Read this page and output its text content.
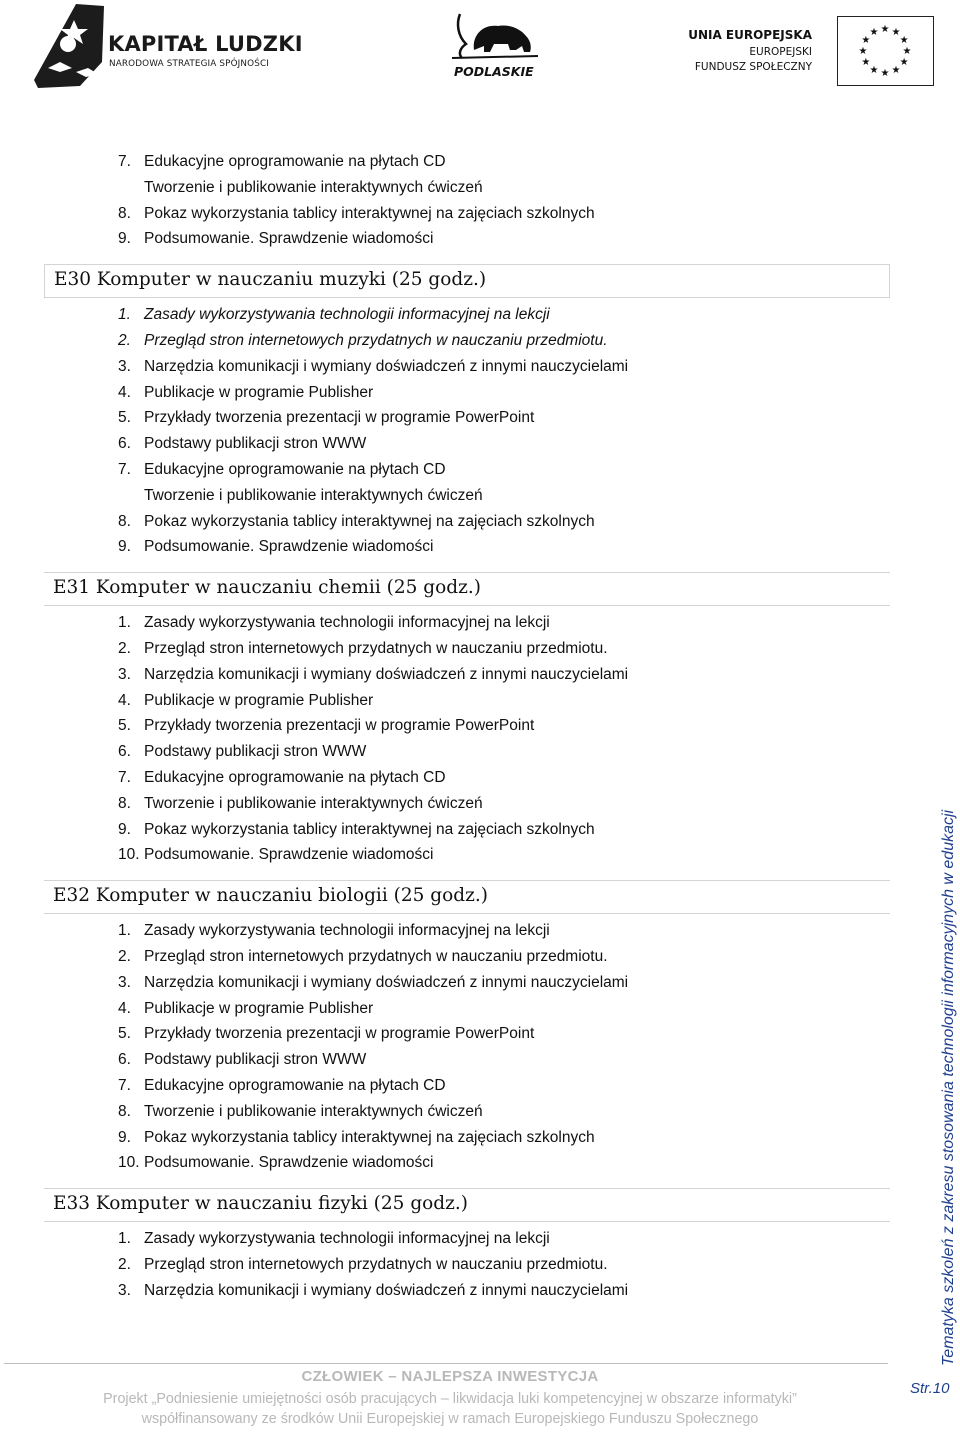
KAPITAŁ LUDZKI
NARODOWA STRATEGIA SPÓJNOŚCI	PODLASKIE
UNIA EUROPEJSKA
EUROPEJSKI
FUNDUSZ SPOŁECZNY
★ ★
★
★
★
★
★
★
★
★
★
★
7. Edukacyjne oprogramowanie na płytach CD
Tworzenie i publikowanie interaktywnych ćwiczeń
8. Pokaz wykorzystania tablicy interaktywnej na zajęciach szkolnych
9. Podsumowanie. Sprawdzenie wiadomości
E30 Komputer w nauczaniu muzyki (25 godz.)
1. Zasady wykorzystywania technologii informacyjnej na lekcji
2. Przegląd stron internetowych przydatnych w nauczaniu przedmiotu.
3. Narzędzia komunikacji i wymiany doświadczeń z innymi nauczycielami
4. Publikacje w programie Publisher
5. Przykłady tworzenia prezentacji w programie PowerPoint
6. Podstawy publikacji stron WWW
7. Edukacyjne oprogramowanie na płytach CD
Tworzenie i publikowanie interaktywnych ćwiczeń
8. Pokaz wykorzystania tablicy interaktywnej na zajęciach szkolnych
9. Podsumowanie. Sprawdzenie wiadomości
E31 Komputer w nauczaniu chemii (25 godz.)
1. Zasady wykorzystywania technologii informacyjnej na lekcji
2. Przegląd stron internetowych przydatnych w nauczaniu przedmiotu.
3. Narzędzia komunikacji i wymiany doświadczeń z innymi nauczycielami
4. Publikacje w programie Publisher
5. Przykłady tworzenia prezentacji w programie PowerPoint
6. Podstawy publikacji stron WWW
7. Edukacyjne oprogramowanie na płytach CD
8. Tworzenie i publikowanie interaktywnych ćwiczeń
9. Pokaz wykorzystania tablicy interaktywnej na zajęciach szkolnych
10. Podsumowanie. Sprawdzenie wiadomości
E32 Komputer w nauczaniu biologii (25 godz.)
1. Zasady wykorzystywania technologii informacyjnej na lekcji
2. Przegląd stron internetowych przydatnych w nauczaniu przedmiotu.
3. Narzędzia komunikacji i wymiany doświadczeń z innymi nauczycielami
4. Publikacje w programie Publisher
5. Przykłady tworzenia prezentacji w programie PowerPoint
6. Podstawy publikacji stron WWW
7. Edukacyjne oprogramowanie na płytach CD
8. Tworzenie i publikowanie interaktywnych ćwiczeń
9. Pokaz wykorzystania tablicy interaktywnej na zajęciach szkolnych
10. Podsumowanie. Sprawdzenie wiadomości
E33 Komputer w nauczaniu fizyki (25 godz.)
1. Zasady wykorzystywania technologii informacyjnej na lekcji
2. Przegląd stron internetowych przydatnych w nauczaniu przedmiotu.
3. Narzędzia komunikacji i wymiany doświadczeń z innymi nauczycielami	Tematyka szkoleń z zakresu stosowania technologii informacyjnych w edukacji
Str.10
CZŁOWIEK – NAJLEPSZA INWESTYCJA
Projekt „Podniesienie umiejętności osób pracujących – likwidacja luki kompetencyjnej w obszarze informatyki”
współfinansowany ze środków Unii Europejskiej w ramach Europejskiego Funduszu Społecznego
